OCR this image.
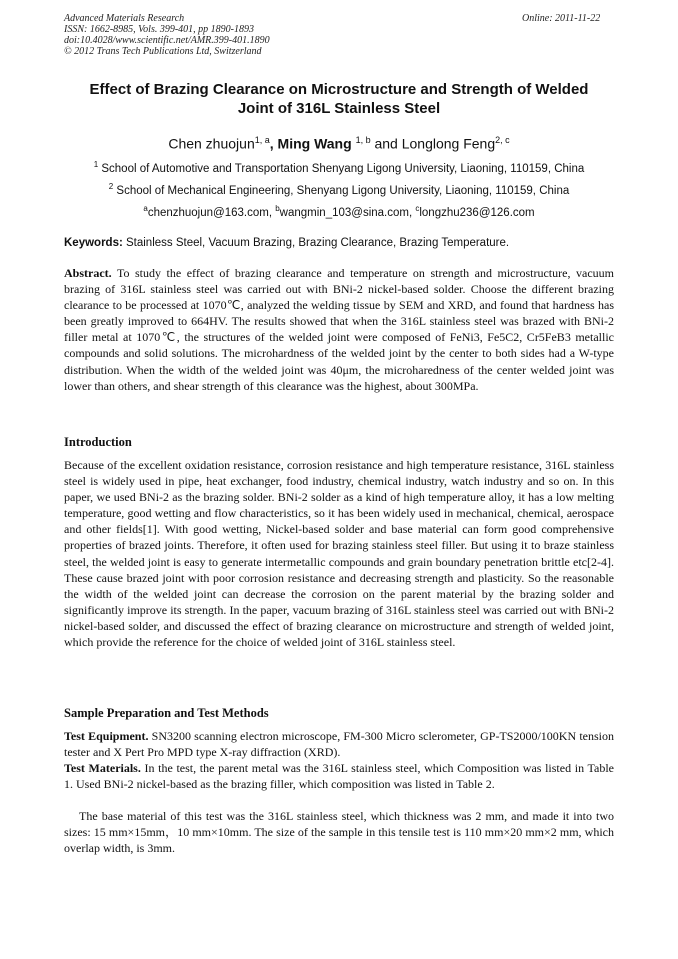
Advanced Materials Research
ISSN: 1662-8985, Vols. 399-401, pp 1890-1893
doi:10.4028/www.scientific.net/AMR.399-401.1890
© 2012 Trans Tech Publications Ltd, Switzerland
Online: 2011-11-22
Effect of Brazing Clearance on Microstructure and Strength of Welded
Joint of 316L Stainless Steel
Chen zhuojun$^{1, a}$, Ming Wang $^{1, b}$ and Longlong Feng$^{2, c}$
$^1$ School of Automotive and Transportation Shenyang Ligong University, Liaoning, 110159, China
$^2$ School of Mechanical Engineering, Shenyang Ligong University, Liaoning, 110159, China
$^a$chenzhuojun@163.com, $^b$wangmin_103@sina.com, $^c$longzhu236@126.com
Keywords: Stainless Steel, Vacuum Brazing, Brazing Clearance, Brazing Temperature.
Abstract. To study the effect of brazing clearance and temperature on strength and microstructure, vacuum brazing of 316L stainless steel was carried out with BNi-2 nickel-based solder. Choose the different brazing clearance to be processed at 1070℃, analyzed the welding tissue by SEM and XRD, and found that hardness has been greatly improved to 664HV. The results showed that when the 316L stainless steel was brazed with BNi-2 filler metal at 1070℃, the structures of the welded joint were composed of FeNi3, Fe5C2, Cr5FeB3 metallic compounds and solid solutions. The microhardness of the welded joint by the center to both sides had a W-type distribution. When the width of the welded joint was 40μm, the microharedness of the center welded joint was lower than others, and shear strength of this clearance was the highest, about 300MPa.
Introduction
Because of the excellent oxidation resistance, corrosion resistance and high temperature resistance, 316L stainless steel is widely used in pipe, heat exchanger, food industry, chemical industry, watch industry and so on. In this paper, we used BNi-2 as the brazing solder. BNi-2 solder as a kind of high temperature alloy, it has a low melting temperature, good wetting and flow characteristics, so it has been widely used in mechanical, chemical, aerospace and other fields[1]. With good wetting, Nickel-based solder and base material can form good comprehensive properties of brazed joints. Therefore, it often used for brazing stainless steel filler. But using it to braze stainless steel, the welded joint is easy to generate intermetallic compounds and grain boundary penetration brittle etc[2-4]. These cause brazed joint with poor corrosion resistance and decreasing strength and plasticity. So the reasonable the width of the welded joint can decrease the corrosion on the parent material by the brazing solder and significantly improve its strength. In the paper, vacuum brazing of 316L stainless steel was carried out with BNi-2 nickel-based solder, and discussed the effect of brazing clearance on microstructure and strength of welded joint, which provide the reference for the choice of welded joint of 316L stainless steel.
Sample Preparation and Test Methods
Test Equipment. SN3200 scanning electron microscope, FM-300 Micro sclerometer, GP-TS2000/100KN tension tester and X Pert Pro MPD type X-ray diffraction (XRD).
Test Materials. In the test, the parent metal was the 316L stainless steel, which Composition was listed in Table 1. Used BNi-2 nickel-based as the brazing filler, which composition was listed in Table 2.
The base material of this test was the 316L stainless steel, which thickness was 2 mm, and made it into two sizes: 15 mm×15mm，10 mm×10mm. The size of the sample in this tensile test is 110 mm×20 mm×2 mm, which overlap width, is 3mm.
